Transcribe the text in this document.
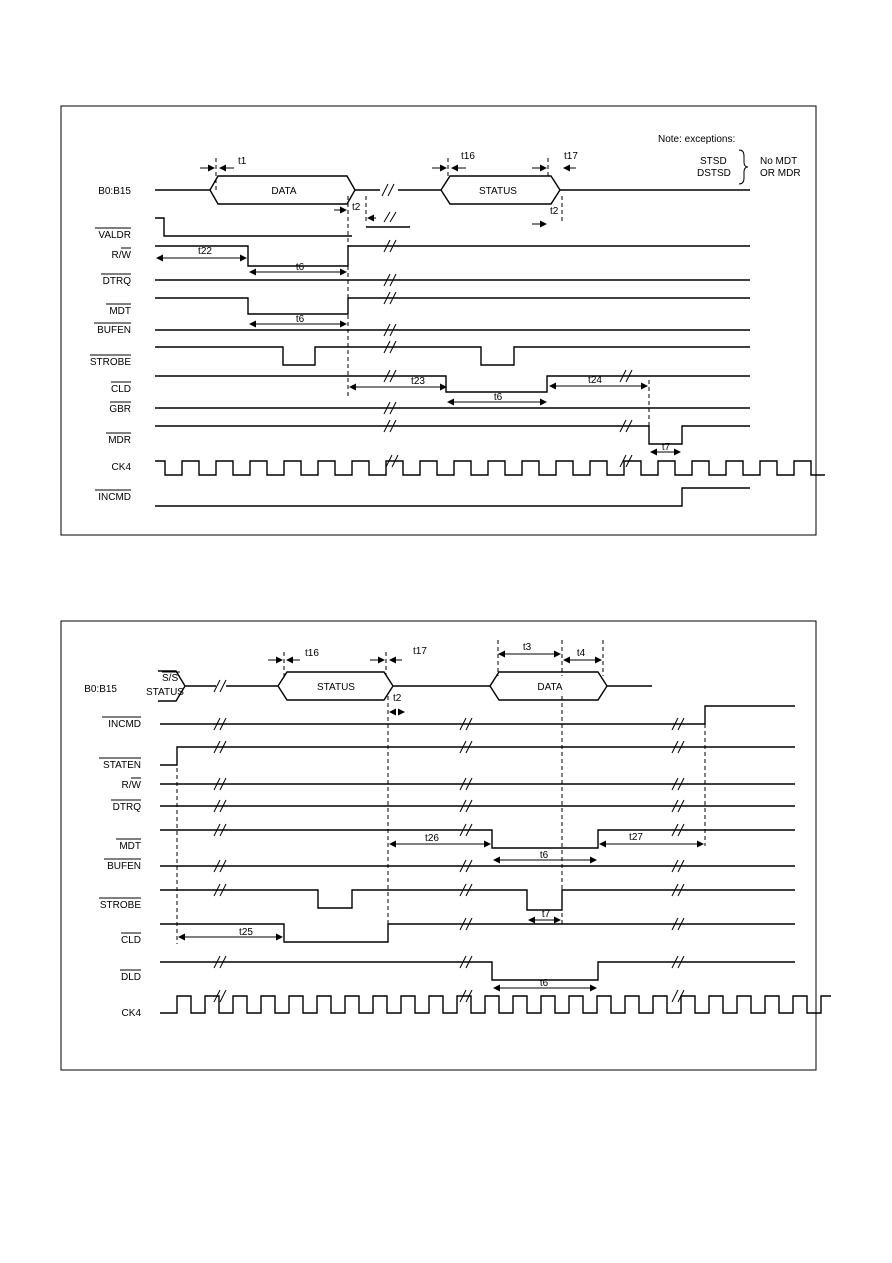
Note: exceptions:
STSD
DSTSD
No MDT
OR MDR
B0:B15
VALDR
R/W
DTRQ
MDT
BUFEN
STROBE
CLD
GBR
MDR
CK4
INCMD
DATA	STATUS
t1
t2
t16	t17
t2
t22
t6
t6
t23
t6
t24
t7
B0:B15
S/S
STATUS
INCMD
STATEN
R/W
DTRQ
MDT
BUFEN
STROBE
CLD
DLD
CK4
STATUS	DATA
t16	t17
t2
t3
t4
t26
t6
t27
t7
t25
t6
